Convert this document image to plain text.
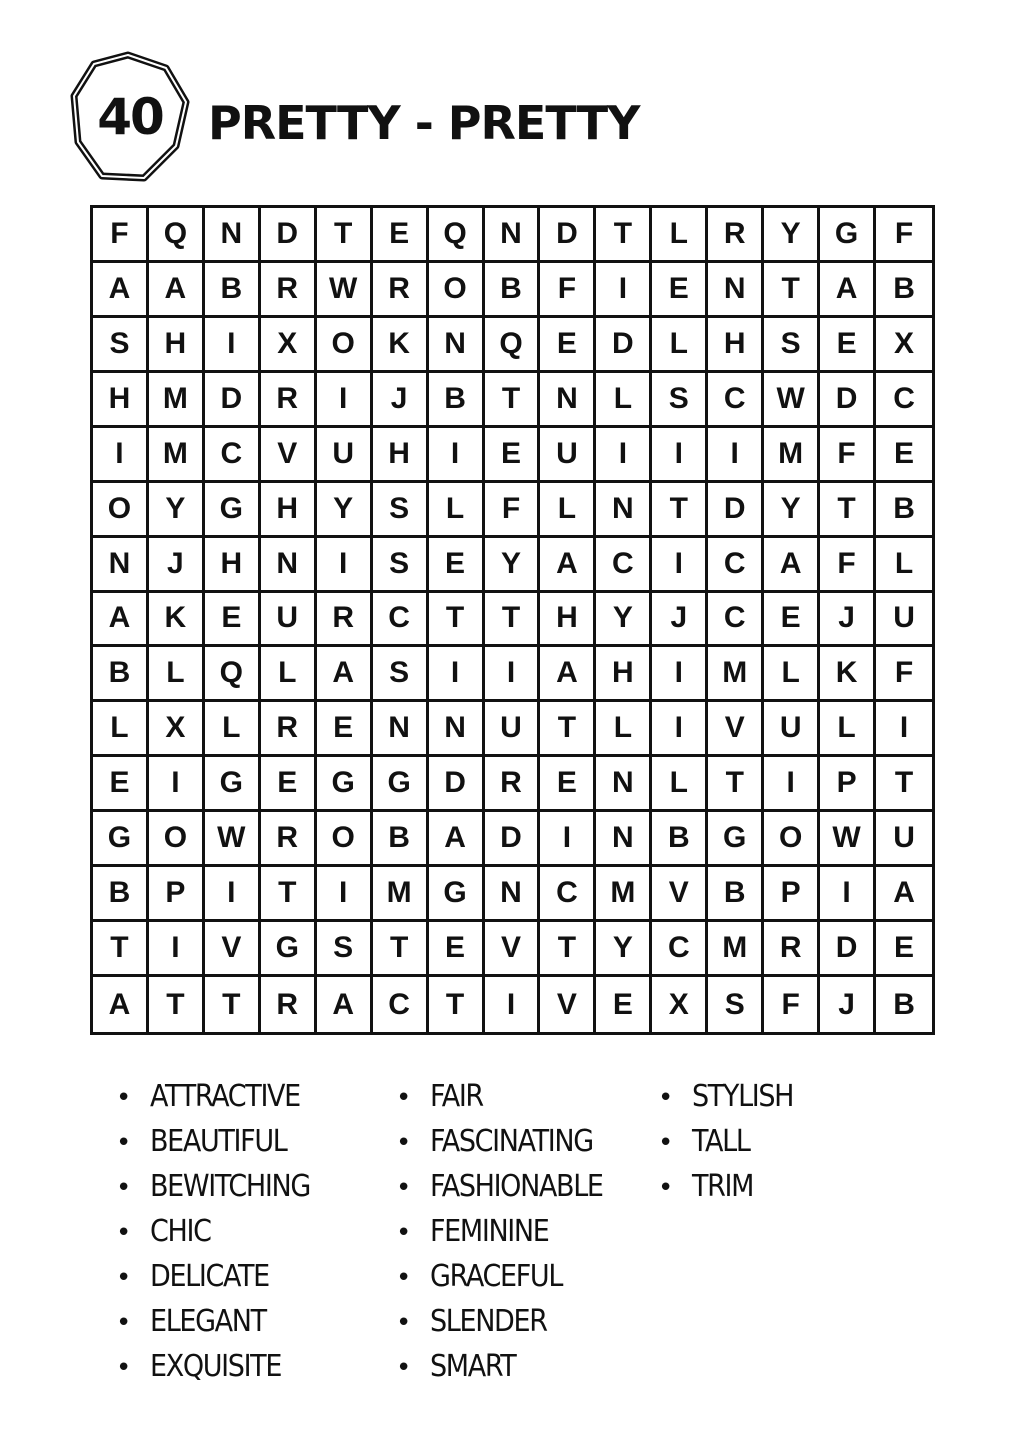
40 PRETTY - PRETTY
F	Q	N	D	T	E	Q	N	D	T	L	R	Y	G	F
A	A	B	R	W	R	O	B	F	I	E	N	T	A	B
S	H	I	X	O	K	N	Q	E	D	L	H	S	E	X
H	M	D	R	I	J	B	T	N	L	S	C	W	D	C
I	M	C	V	U	H	I	E	U	I	I	I	M	F	E
O	Y	G	H	Y	S	L	F	L	N	T	D	Y	T	B
N	J	H	N	I	S	E	Y	A	C	I	C	A	F	L
A	K	E	U	R	C	T	T	H	Y	J	C	E	J	U
B	L	Q	L	A	S	I	I	A	H	I	M	L	K	F
L	X	L	R	E	N	N	U	T	L	I	V	U	L	I
E	I	G	E	G	G	D	R	E	N	L	T	I	P	T
G	O	W	R	O	B	A	D	I	N	B	G	O	W	U
B	P	I	T	I	M	G	N	C	M	V	B	P	I	A
T	I	V	G	S	T	E	V	T	Y	C	M	R	D	E
A	T	T	R	A	C	T	I	V	E	X	S	F	J	B
• ATTRACTIVE
• BEAUTIFUL
• BEWITCHING
• CHIC
• DELICATE
• ELEGANT
• EXQUISITE
• FAIR
• FASCINATING
• FASHIONABLE
• FEMININE
• GRACEFUL
• SLENDER
• SMART
• STYLISH
• TALL
• TRIM
